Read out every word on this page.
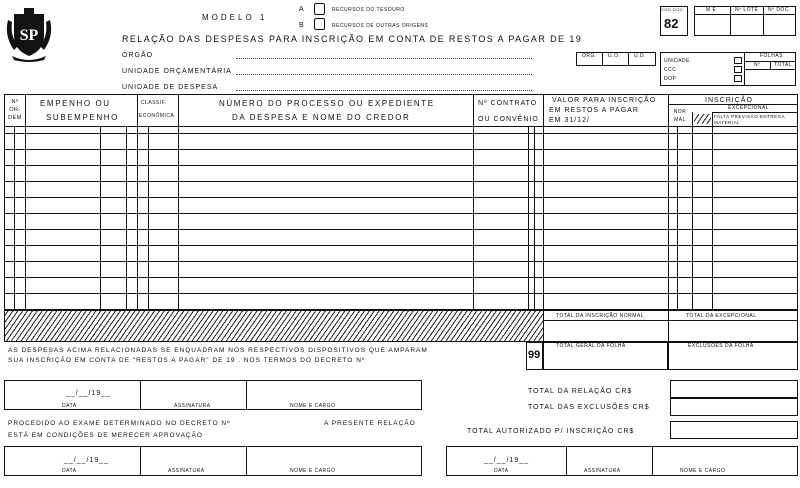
SP
MODELO 1
A	RECURSOS DO TESOURO
B	RECURSOS DE OUTRAS ORIGENS
RELAÇÃO DAS DESPESAS PARA INSCRIÇÃO EM CONTA DE RESTOS A PAGAR DE 19
ÓRGÃO
UNIDADE ORÇAMENTÁRIA
UNIDADE DE DESPESA
CÓD.DOC
82
M E	Nº LOTE Nº DOC
ORG. U.O.	U.D.
UNIDADE
CCC
DOP
FOLHAS
Nº	TOTAL
Nº OR- DEM
EMPENHO OU
SUBEMPENHO
CLASSIF.
ECONÔMICA
NÚMERO DO PROCESSO OU EXPEDIENTE
DA DESPESA E NOME DO CREDOR
Nº CONTRATO
OU CONVÊNIO
VALOR PARA INSCRIÇÃO
EM RESTOS A PAGAR
EM 31/12/
INSCRIÇÃO
NOR MAL
EXCEPCIONAL
FALTA PREVISÃO ENTREGA MATERIAL
TOTAL DA INSCRIÇÃO NORMAL	TOTAL DA EXCEPCIONAL
TOTAL GERAL DA FOLHA	EXCLUSÕES DA FOLHA
99
AS DESPESAS ACIMA RELACIONADAS SE ENQUADRAM NOS RESPECTIVOS DISPOSITIVOS QUE AMPARAM SUA INSCRIÇÃO EM CONTA DE "RESTOS A PAGAR" DE 19 . NOS TERMOS DO DECRETO Nº
__/__/19__
DATA	ASSINATURA	NOME E CARGO
TOTAL DA RELAÇÃO CR$
TOTAL DAS EXCLUSÕES CR$
TOTAL AUTORIZADO P/ INSCRIÇÃO CR$
PROCEDIDO AO EXAME DETERMINADO NO DECRETO Nº	A PRESENTE RELAÇÃO
ESTÁ EM CONDIÇÕES DE MERECER APROVAÇÃO
__/__/19__
DATA	ASSINATURA	NOME E CARGO
__/__/19__
DATA	ASSINATURA	NOME E CARGO
